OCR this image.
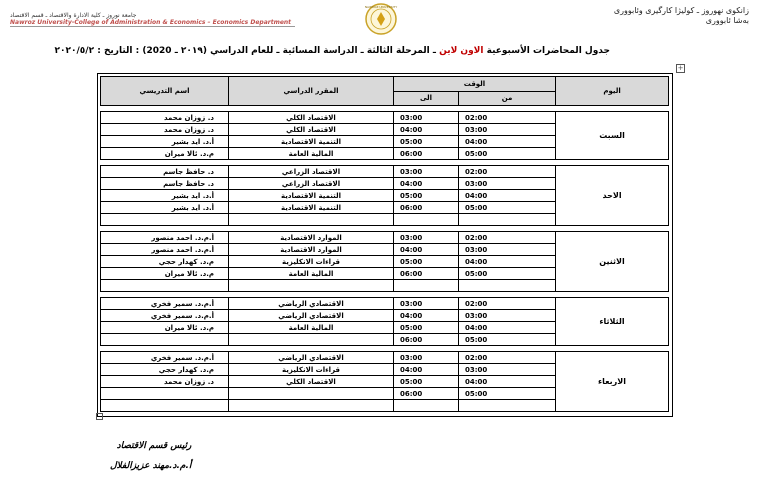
جامعة نوروز ـ كلية الادارة والاقتصاد ـ قسم الاقتصاد
Nawroz University-College of Administration & Economics – Economics Department
NAWROZ UNIVERSITY	زانكوى نهوروز ـ كوليژا كارگيرى وئابوورى
بەشا ئابوورى
جدول المحاضرات الأسبوعية الاون لاين ـ المرحلة الثالثة ـ الدراسة المسائية ـ للعام الدراسي (٢٠١٩ ـ 2020) : التاريخ : ٢٠٢٠/٥/٢
+
اسم التدريسي	المقرر الدراسي	الوقت		اليوم
		الى	من	

د. زوزان محمد	الاقتصاد الكلي	03:00	02:00	السبت
د. زوزان محمد	الاقتصاد الكلي	04:00	03:00	
أ.د. ايد بشير	التنمية الاقتصادية	05:00	04:00	
م.د. ئالا ميران	المالية العامة	06:00	05:00	

د. حافظ جاسم	الاقتصاد الزراعي	03:00	02:00	الاحد
د. حافظ جاسم	الاقتصاد الزراعي	04:00	03:00	
أ.د. ايد بشير	التنمية الاقتصادية	05:00	04:00	
أ.د. ايد بشير	التنمية الاقتصادية	06:00	05:00	

أ.م.د. احمد منصور	الموارد الاقتصادية	03:00	02:00	الاثنين
أ.م.د. احمد منصور	الموارد الاقتصادية	04:00	03:00	
م.د. كهدار حجي	قراءات الانكليزية	05:00	04:00	
م.د. ئالا ميران	المالية العامة	06:00	05:00	

أ.م.د. سمير فخري	الاقتصادي الرياضي	03:00	02:00	الثلاثاء
أ.م.د. سمير فخري	الاقتصادي الرياضي	04:00	03:00	
م.د. ئالا ميران	المالية العامة	05:00	04:00	
		06:00	05:00	

أ.م.د. سمير فخري	الاقتصادي الرياضي	03:00	02:00	الاربعاء
م.د. كهدار حجي	قراءات الانكليزية	04:00	03:00	
د. زوزان محمد	الاقتصاد الكلي	05:00	04:00	
		06:00	05:00	

رئيس قسم الاقتصاد
أ.م.د.مهند عزيزالفلال
